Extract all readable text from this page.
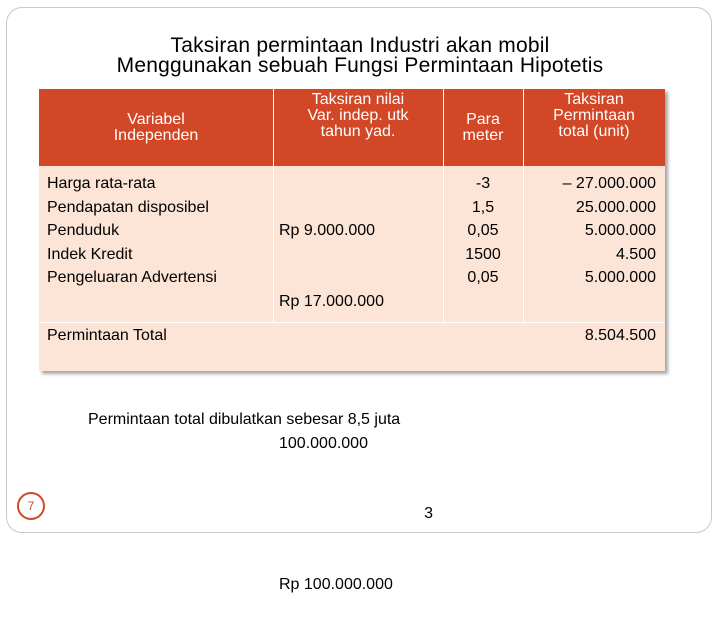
Taksiran permintaan Industri akan mobil
Menggunakan sebuah Fungsi Permintaan Hipotetis
Variabel
Independen
Taksiran nilai
Var. indep. utk
tahun yad.
Para
meter
Taksiran
Permintaan
total (unit)
Harga rata-rata
Pendapatan disposibel
Penduduk
Indek Kredit
Pengeluaran Advertensi

Rp 9.000.000

Rp 17.000.000

100.000.000

3

Rp 100.000.000

-3
1,5
0,05
1500
0,05
– 27.000.000
25.000.000
5.000.000
4.500
5.000.000
Permintaan Total	8.504.500
Permintaan total dibulatkan sebesar 8,5 juta
7
